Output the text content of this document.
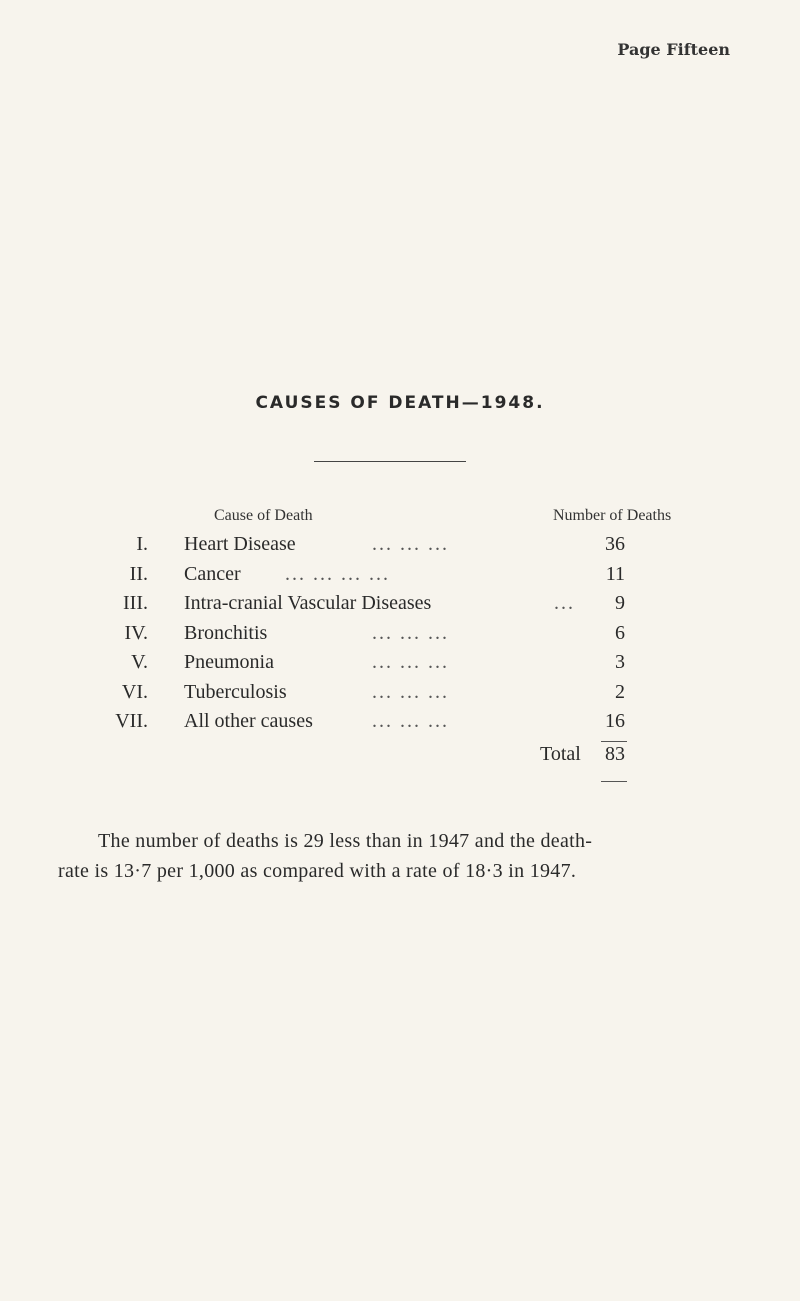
Page Fifteen
CAUSES OF DEATH—1948.
Cause of Death	Number of Deaths
I. Heart Disease	... ... ...	36
II. Cancer ... ... ... ...	11
III. Intra-cranial Vascular Diseases	... 9
IV. Bronchitis	... ... ...	6
V. Pneumonia	... ... ...	3
VI. Tuberculosis	... ... ...	2
VII. All other causes	... ... ...	16
Total 83
The number of deaths is 29 less than in 1947 and the death-
rate is 13·7 per 1,000 as compared with a rate of 18·3 in 1947.
